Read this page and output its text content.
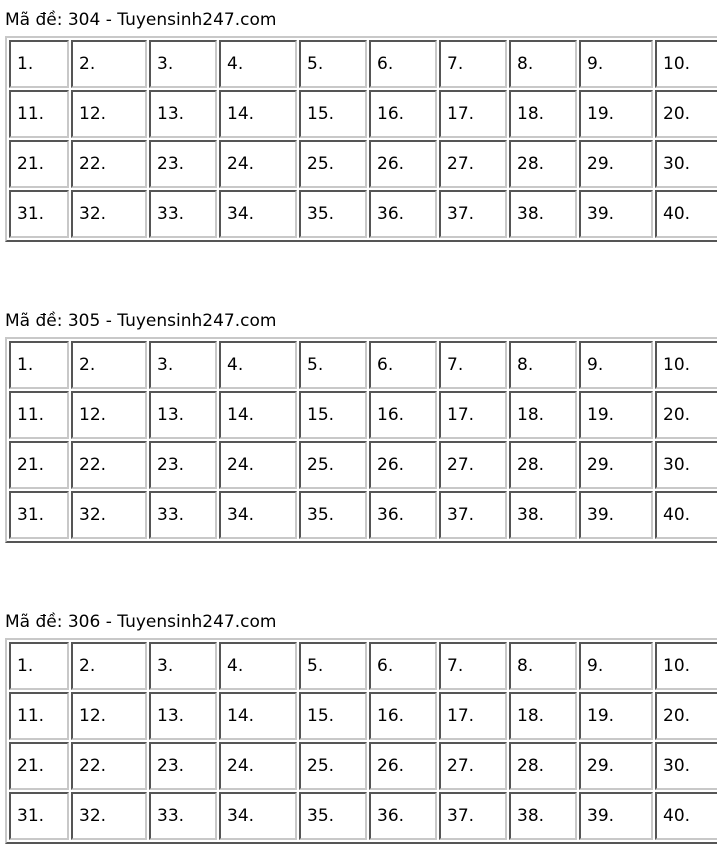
Mã đề: 304 - Tuyensinh247.com
1.	2.	3.	4.	5.	6.	7.	8.	9.	10.
11.	12.	13.	14.	15.	16.	17.	18.	19.	20.
21.	22.	23.	24.	25.	26.	27.	28.	29.	30.
31.	32.	33.	34.	35.	36.	37.	38.	39.	40.
Mã đề: 305 - Tuyensinh247.com
1.	2.	3.	4.	5.	6.	7.	8.	9.	10.
11.	12.	13.	14.	15.	16.	17.	18.	19.	20.
21.	22.	23.	24.	25.	26.	27.	28.	29.	30.
31.	32.	33.	34.	35.	36.	37.	38.	39.	40.
Mã đề: 306 - Tuyensinh247.com
1.	2.	3.	4.	5.	6.	7.	8.	9.	10.
11.	12.	13.	14.	15.	16.	17.	18.	19.	20.
21.	22.	23.	24.	25.	26.	27.	28.	29.	30.
31.	32.	33.	34.	35.	36.	37.	38.	39.	40.
